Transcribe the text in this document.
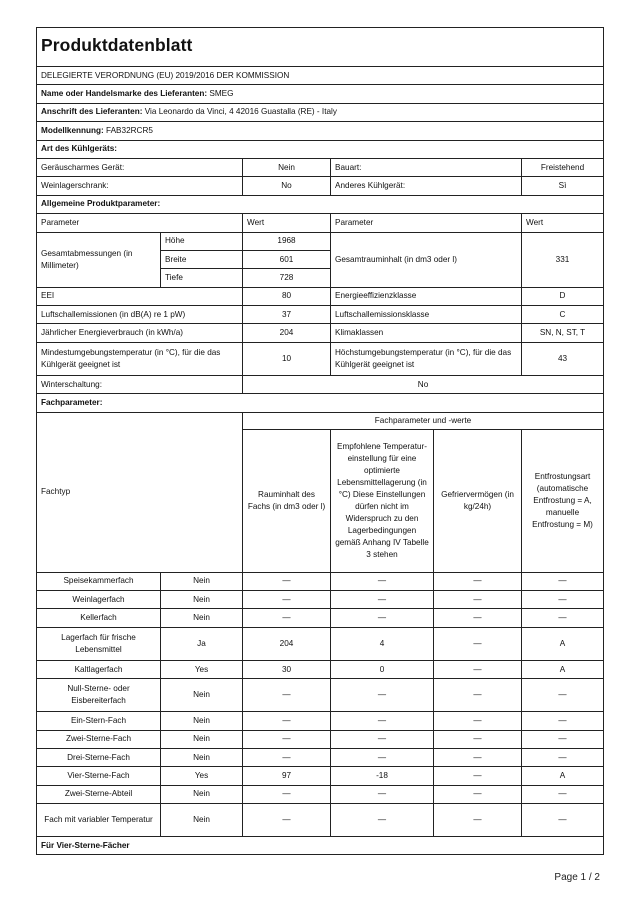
Produktdatenblatt					
DELEGIERTE VERORDNUNG (EU) 2019/2016 DER KOMMISSION					
Name oder Handelsmarke des Lieferanten: SMEG					
Anschrift des Lieferanten: Via Leonardo da Vinci, 4 42016 Guastalla (RE) - Italy					
Modellkennung: FAB32RCR5					
Art des Kühlgeräts:					
Geräuscharmes Gerät:		Nein	Bauart:		Freistehend
Weinlagerschrank:		No	Anderes Kühlgerät:		Sì
Allgemeine Produktparameter:					
Parameter		Wert	Parameter		Wert
Gesamtabmessungen (in Millimeter)	Höhe	1968	Gesamtrauminhalt (in dm3 oder l)		331
	Breite	601			
	Tiefe	728			
EEI		80	Energieeffizienzklasse		D
Luftschallemissionen (in dB(A) re 1 pW)		37	Luftschallemissionsklasse		C
Jährlicher Energieverbrauch (in kWh/a)		204	Klimaklassen		SN, N, ST, T
Mindestumgebungstemperatur (in °C), für die das Kühlgerät geeignet ist		10	Höchstumgebungstemperatur (in °C), für die das Kühlgerät geeignet ist		43
Winterschaltung:		No			
Fachparameter:					
Fachtyp		Fachparameter und -werte			
		Rauminhalt des Fachs (in dm3 oder l)	Empfohlene Temperatur-einstellung für eine optimierte Lebensmittellagerung (in °C) Diese Einstellungen dürfen nicht im Widerspruch zu den Lagerbedingungen gemäß Anhang IV Tabelle 3 stehen	Gefriervermögen (in kg/24h)	Entfrostungsart (automatische Entfrostung = A, manuelle Entfrostung = M)
Speisekammerfach	Nein	—	—	—	—
Weinlagerfach	Nein	—	—	—	—
Kellerfach	Nein	—	—	—	—
Lagerfach für frische Lebensmittel	Ja	204	4	—	A
Kaltlagerfach	Yes	30	0	—	A
Null-Sterne- oder Eisbereiterfach	Nein	—	—	—	—
Ein-Stern-Fach	Nein	—	—	—	—
Zwei-Sterne-Fach	Nein	—	—	—	—
Drei-Sterne-Fach	Nein	—	—	—	—
Vier-Sterne-Fach	Yes	97	-18	—	A
Zwei-Sterne-Abteil	Nein	—	—	—	—
Fach mit variabler Temperatur	Nein	—	—	—	—
Für Vier-Sterne-Fächer					
Page 1 / 2
